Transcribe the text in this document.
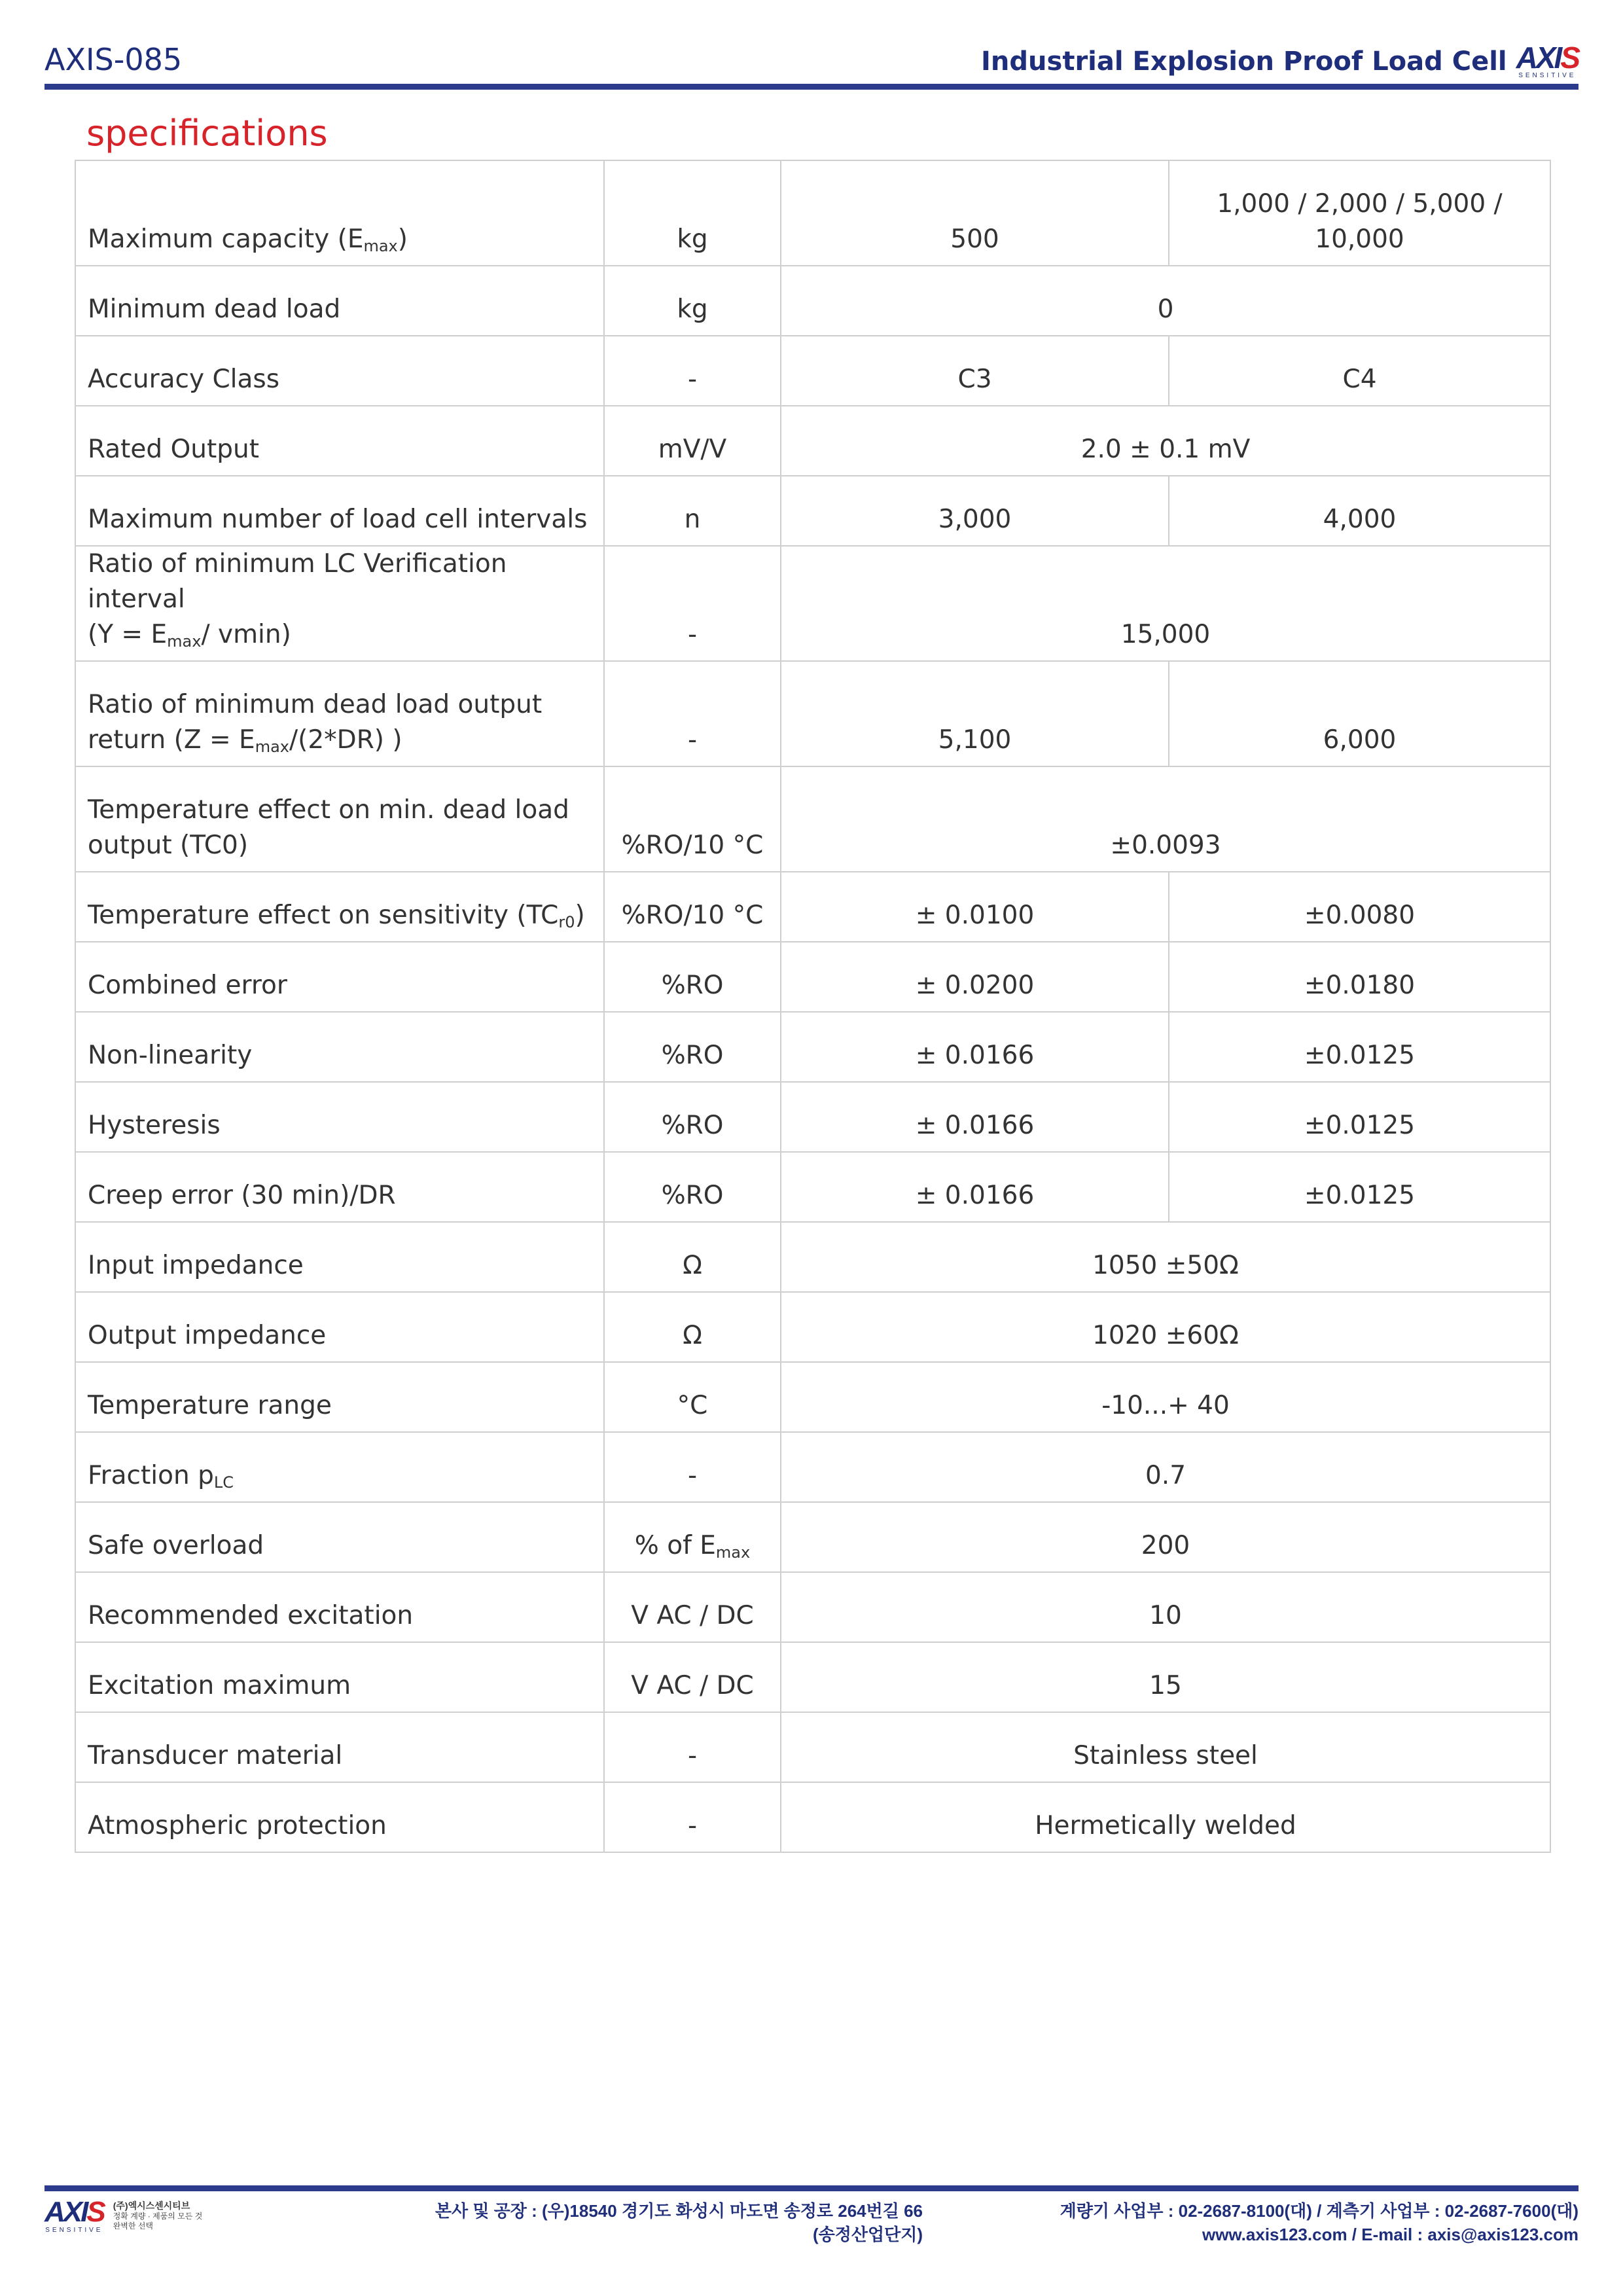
AXIS-085	Industrial Explosion Proof Load Cell AXIS
SENSITIVE
specifications
Maximum capacity $(E_{max})$	kg	500	1,000 / 2,000 / 5,000 /
10,000
Minimum dead load	kg	0	
Accuracy Class	-	C3	C4
Rated Output	mV/V	2.0 ± 0.1 mV	
Maximum number of load cell intervals	n	3,000	4,000
Ratio of minimum LC Verification interval
($Y = E_{max}/$ vmin)	-	15,000	
Ratio of minimum dead load output
return ($Z = E_{max}/(2*DR)$ )	-	5,100	6,000
Temperature effect on min. dead load
output (TC0)	%RO/10 °C	±0.0093	
Temperature effect on sensitivity $(TC_{r0})$	%RO/10 °C	± 0.0100	±0.0080
Combined error	%RO	± 0.0200	±0.0180
Non-linearity	%RO	± 0.0166	±0.0125
Hysteresis	%RO	± 0.0166	±0.0125
Creep error (30 min)/DR	%RO	± 0.0166	±0.0125
Input impedance	Ω	1050 ±50Ω	
Output impedance	Ω	1020 ±60Ω	
Temperature range	°C	-10...+ 40	
Fraction $p_{LC}$	-	0.7	
Safe overload	% of $E_{max}$	200	
Recommended excitation	V AC / DC	10	
Excitation maximum	V AC / DC	15	
Transducer material	-	Stainless steel	
Atmospheric protection	-	Hermetically welded	
AXIS
SENSITIVE
(주)엑시스센시티브
정확 계량 · 제품의 모든 것
완벽한 선택
본사 및 공장 : (우)18540 경기도 화성시 마도면 송정로 264번길 66
(송정산업단지)
계량기 사업부 : 02-2687-8100(대) / 계측기 사업부 : 02-2687-7600(대)
www.axis123.com / E-mail : axis@axis123.com
